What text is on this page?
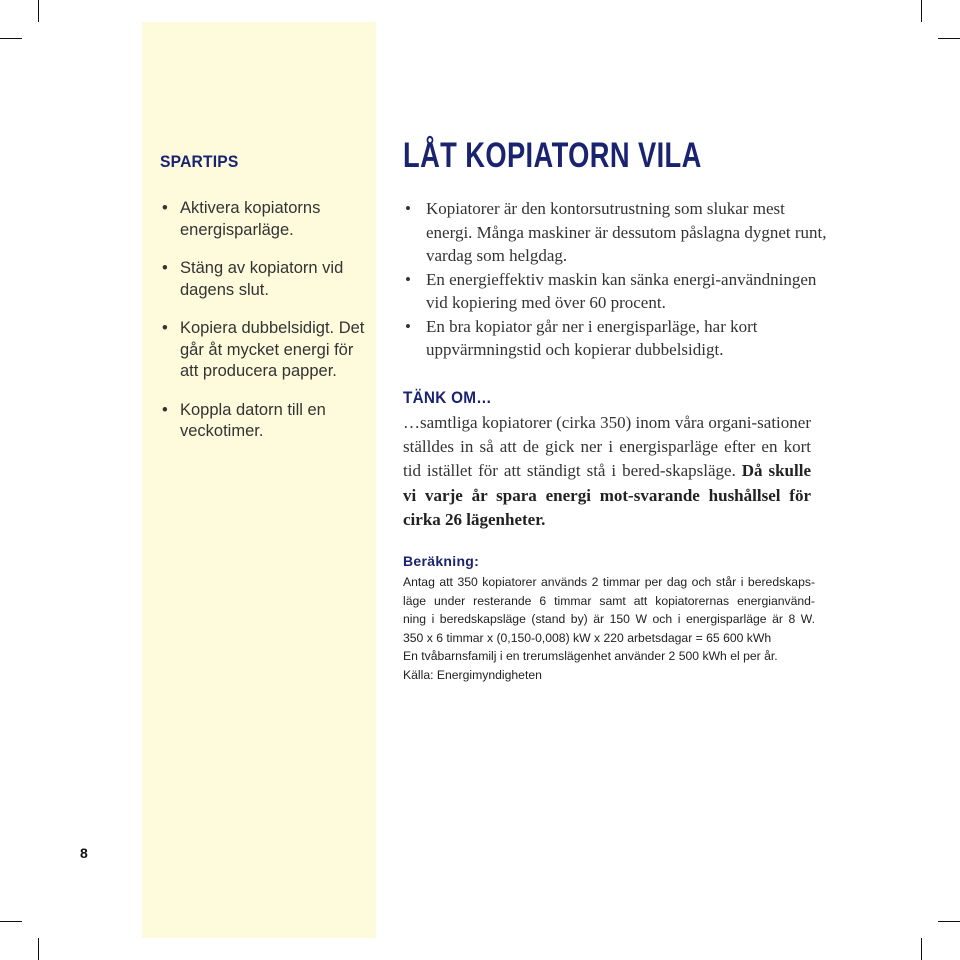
SPARTIPS
• Aktivera kopiatorns energisparläge.
• Stäng av kopiatorn vid dagens slut.
• Kopiera dubbelsidigt. Det går åt mycket energi för att producera papper.
• Koppla datorn till en veckotimer.
LÅT KOPIATORN VILA
• Kopiatorer är den kontorsutrustning som slukar mest energi. Många maskiner är dessutom påslagna dygnet runt, vardag som helgdag.
• En energieffektiv maskin kan sänka energi-användningen vid kopiering med över 60 procent.
• En bra kopiator går ner i energisparläge, har kort uppvärmningstid och kopierar dubbelsidigt.
TÄNK OM…

…samtliga kopiatorer (cirka 350) inom våra organi-sationer ställdes in så att de gick ner i energisparläge efter en kort tid istället för att ständigt stå i bered-skapsläge. Då skulle vi varje år spara energi mot-svarande hushållsel för cirka 26 lägenheter.

Beräkning:

Antag att 350 kopiatorer används 2 timmar per dag och står i beredskaps-
läge under resterande 6 timmar samt att kopiatorernas energianvänd-
ning i beredskapsläge (stand by) är 150 W och i energisparläge är 8 W.
350 x 6 timmar x (0,150-0,008) kW x 220 arbetsdagar = 65 600 kWh
En tvåbarnsfamilj i en trerumslägenhet använder 2 500 kWh el per år.
Källa: Energimyndigheten

8
